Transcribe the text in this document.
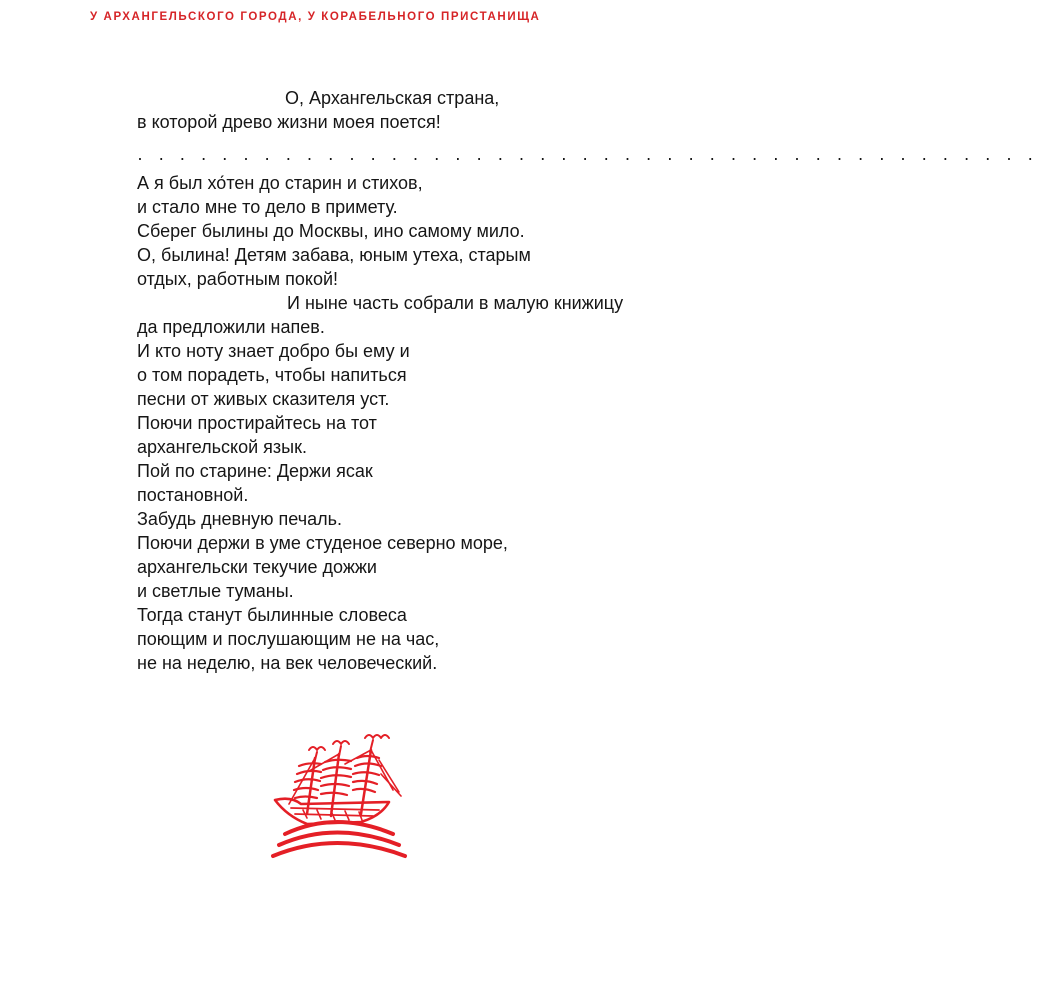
У АРХАНГЕЛЬСКОГО ГОРОДА, У КОРАБЕЛЬНОГО ПРИСТАНИЩА
О, Архангельская страна,
в которой древо жизни моея поется!
· · · · · · · · · · · · · · · · · · · · · · · · · · · · · · · · · · · · · · · · · · ·
А я был хо́тен до старин и стихов,
и стало мне то дело в примету.
Сберег былины до Москвы, ино самому мило.
О, былина! Детям забава, юным утеха, старым
отдых, работным покой!
И ныне часть собрали в малую книжицу
да предложили напев.
И кто ноту знает добро бы ему и
о том порадеть, чтобы напиться
песни от живых сказителя уст.
Поючи простирайтесь на тот
архангельской язык.
Пой по старине: Держи ясак
постановной.
Забудь дневную печаль.
Поючи держи в уме студеное северно море,
архангельски текучие дожжи
и светлые туманы.
Тогда станут былинные словеса
поющим и послушающим не на час,
не на неделю, на век человеческий.
